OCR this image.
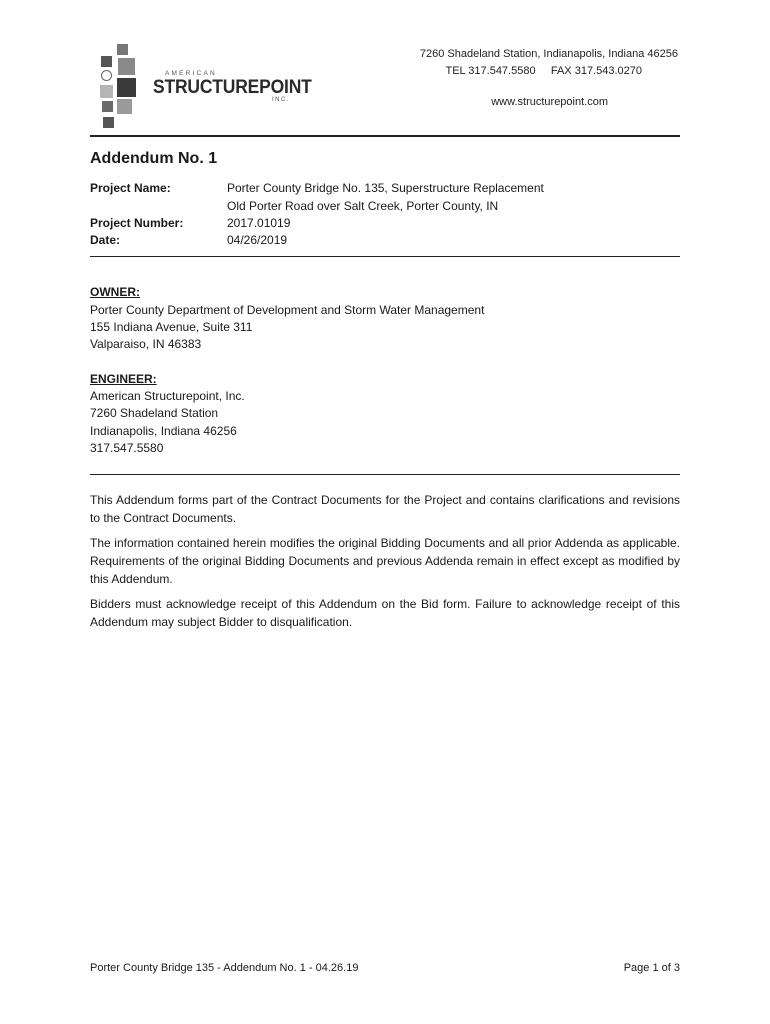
AMERICAN
STRUCTUREPOINT
INC.
7260 Shadeland Station, Indianapolis, Indiana 46256
TEL 317.547.5580     FAX 317.543.0270
www.structurepoint.com
Addendum No. 1
Project Name:	Porter County Bridge No. 135, Superstructure Replacement
Old Porter Road over Salt Creek, Porter County, IN
Project Number:	2017.01019
Date:	04/26/2019
OWNER:
Porter County Department of Development and Storm Water Management
155 Indiana Avenue, Suite 311
Valparaiso, IN 46383
ENGINEER:
American Structurepoint, Inc.
7260 Shadeland Station
Indianapolis, Indiana 46256
317.547.5580
This Addendum forms part of the Contract Documents for the Project and contains clarifications and revisions to the Contract Documents.
The information contained herein modifies the original Bidding Documents and all prior Addenda as applicable. Requirements of the original Bidding Documents and previous Addenda remain in effect except as modified by this Addendum.
Bidders must acknowledge receipt of this Addendum on the Bid form. Failure to acknowledge receipt of this Addendum may subject Bidder to disqualification.
Porter County Bridge 135 - Addendum No. 1 - 04.26.19	Page 1 of 3
